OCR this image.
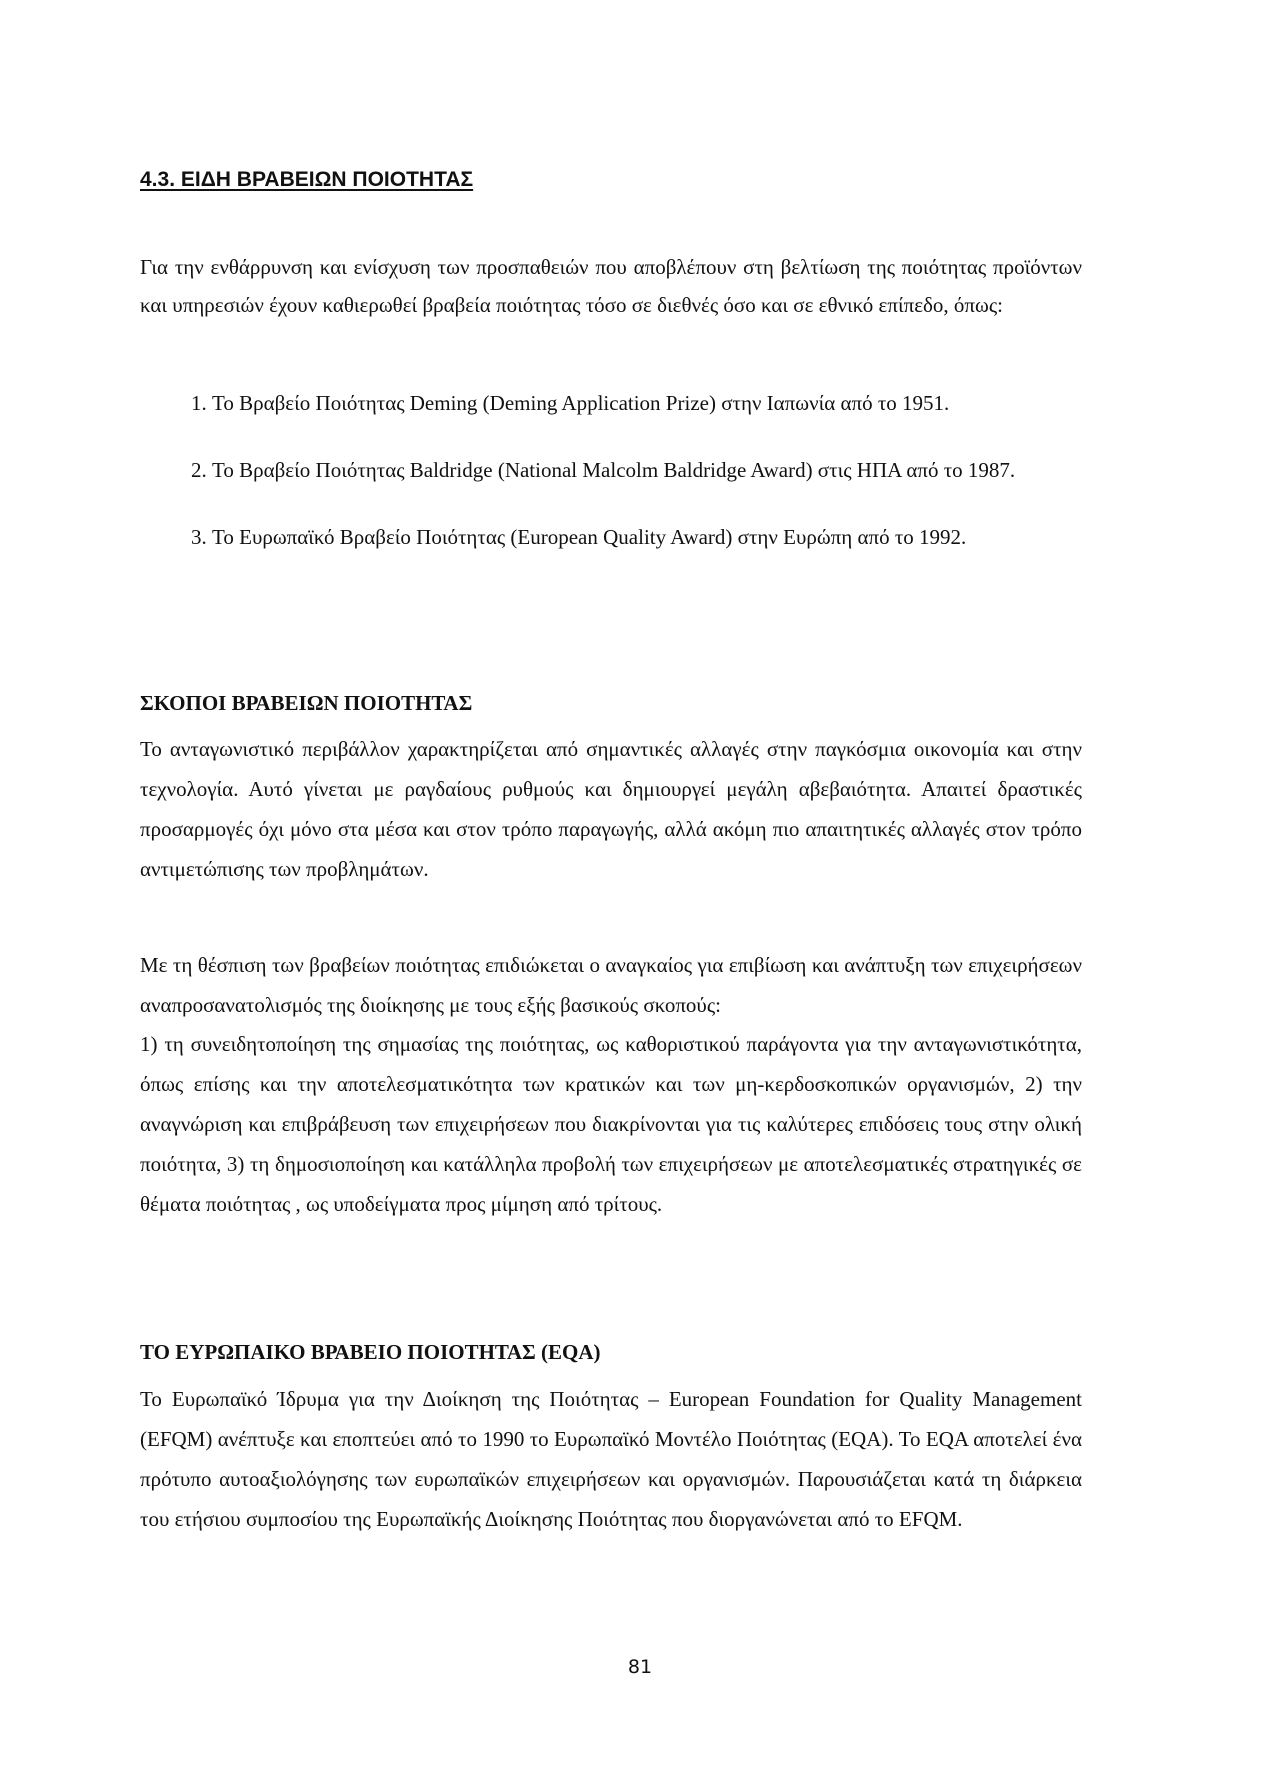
4.3. ΕΙΔΗ ΒΡΑΒΕΙΩΝ ΠΟΙΟΤΗΤΑΣ

Για την ενθάρρυνση και ενίσχυση των προσπαθειών που αποβλέπουν στη βελτίωση της ποιότητας προϊόντων και υπηρεσιών έχουν καθιερωθεί βραβεία ποιότητας τόσο σε διεθνές όσο και σε εθνικό επίπεδο, όπως:

1. Το Βραβείο Ποιότητας Deming (Deming Application Prize) στην Ιαπωνία από το 1951.
2. Το Βραβείο Ποιότητας Baldridge (National Malcolm Baldridge Award) στις ΗΠΑ από το 1987.
3. Το Ευρωπαϊκό Βραβείο Ποιότητας (European Quality Award) στην Ευρώπη από το 1992.
ΣΚΟΠΟΙ ΒΡΑΒΕΙΩΝ ΠΟΙΟΤΗΤΑΣ

Το ανταγωνιστικό περιβάλλον χαρακτηρίζεται από σημαντικές αλλαγές στην παγκόσμια οικονομία και στην τεχνολογία. Αυτό γίνεται με ραγδαίους ρυθμούς και δημιουργεί μεγάλη αβεβαιότητα. Απαιτεί δραστικές προσαρμογές όχι μόνο στα μέσα και στον τρόπο παραγωγής, αλλά ακόμη πιο απαιτητικές αλλαγές στον τρόπο αντιμετώπισης των προβλημάτων.

Με τη θέσπιση των βραβείων ποιότητας επιδιώκεται ο αναγκαίος για επιβίωση και ανάπτυξη των επιχειρήσεων αναπροσανατολισμός της διοίκησης με τους εξής βασικούς σκοπούς:

1) τη συνειδητοποίηση της σημασίας της ποιότητας, ως καθοριστικού παράγοντα για την ανταγωνιστικότητα, όπως επίσης και την αποτελεσματικότητα των κρατικών και των μη-κερδοσκοπικών οργανισμών, 2) την αναγνώριση και επιβράβευση των επιχειρήσεων που διακρίνονται για τις καλύτερες επιδόσεις τους στην ολική ποιότητα, 3) τη δημοσιοποίηση και κατάλληλα προβολή των επιχειρήσεων με αποτελεσματικές στρατηγικές σε θέματα ποιότητας , ως υποδείγματα προς μίμηση από τρίτους.

ΤΟ ΕΥΡΩΠΑΙΚΟ ΒΡΑΒΕΙΟ ΠΟΙΟΤΗΤΑΣ (EQA)

Το Ευρωπαϊκό Ίδρυμα για την Διοίκηση της Ποιότητας – European Foundation for Quality Management (EFQM) ανέπτυξε και εποπτεύει από το 1990 το Ευρωπαϊκό Μοντέλο Ποιότητας (EQA). Το EQA αποτελεί ένα πρότυπο αυτοαξιολόγησης των ευρωπαϊκών επιχειρήσεων και οργανισμών. Παρουσιάζεται κατά τη διάρκεια του ετήσιου συμποσίου της Ευρωπαϊκής Διοίκησης Ποιότητας που διοργανώνεται από το EFQM.

81
